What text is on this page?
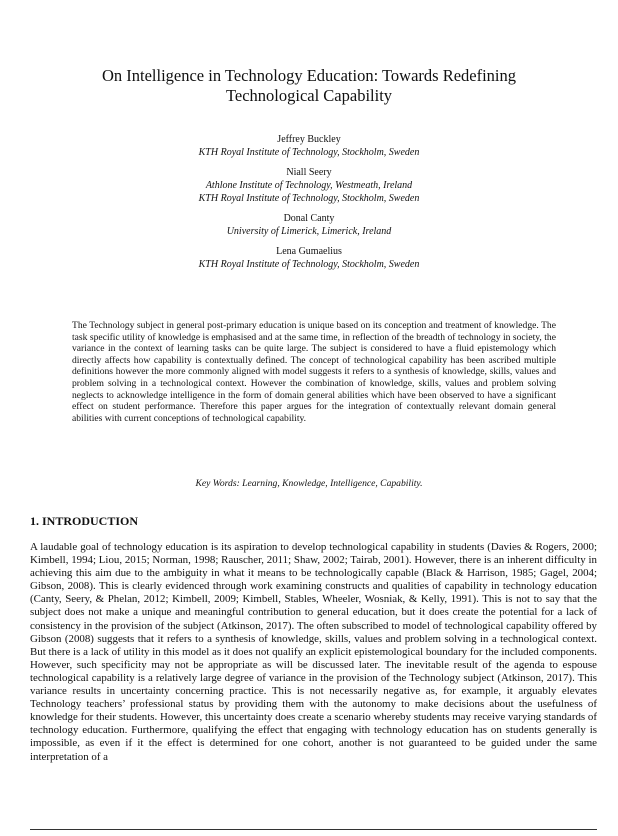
On Intelligence in Technology Education: Towards Redefining
Technological Capability
Jeffrey Buckley
KTH Royal Institute of Technology, Stockholm, Sweden
Niall Seery
Athlone Institute of Technology, Westmeath, Ireland
KTH Royal Institute of Technology, Stockholm, Sweden
Donal Canty
University of Limerick, Limerick, Ireland
Lena Gumaelius
KTH Royal Institute of Technology, Stockholm, Sweden

The Technology subject in general post-primary education is unique based on its conception and treatment of knowledge. The task specific utility of knowledge is emphasised and at the same time, in reflection of the breadth of technology in society, the variance in the context of learning tasks can be quite large. The subject is considered to have a fluid epistemology which directly affects how capability is contextually defined. The concept of technological capability has been ascribed multiple definitions however the more commonly aligned with model suggests it refers to a synthesis of knowledge, skills, values and problem solving in a technological context. However the combination of knowledge, skills, values and problem solving neglects to acknowledge intelligence in the form of domain general abilities which have been observed to have a significant effect on student performance. Therefore this paper argues for the integration of contextually relevant domain general abilities with current conceptions of technological capability.

Key Words: Learning, Knowledge, Intelligence, Capability.

1. INTRODUCTION

A laudable goal of technology education is its aspiration to develop technological capability in students (Davies & Rogers, 2000; Kimbell, 1994; Liou, 2015; Norman, 1998; Rauscher, 2011; Shaw, 2002; Tairab, 2001). However, there is an inherent difficulty in achieving this aim due to the ambiguity in what it means to be technologically capable (Black & Harrison, 1985; Gagel, 2004; Gibson, 2008). This is clearly evidenced through work examining constructs and qualities of capability in technology education (Canty, Seery, & Phelan, 2012; Kimbell, 2009; Kimbell, Stables, Wheeler, Wosniak, & Kelly, 1991). This is not to say that the subject does not make a unique and meaningful contribution to general education, but it does create the potential for a lack of consistency in the provision of the subject (Atkinson, 2017). The often subscribed to model of technological capability offered by Gibson (2008) suggests that it refers to a synthesis of knowledge, skills, values and problem solving in a technological context. But there is a lack of utility in this model as it does not qualify an explicit epistemological boundary for the included components. However, such specificity may not be appropriate as will be discussed later. The inevitable result of the agenda to espouse technological capability is a relatively large degree of variance in the provision of the Technology subject (Atkinson, 2017). This variance results in uncertainty concerning practice. This is not necessarily negative as, for example, it arguably elevates Technology teachers’ professional status by providing them with the autonomy to make decisions about the usefulness of knowledge for their students. However, this uncertainty does create a scenario whereby students may receive varying standards of technology education. Furthermore, qualifying the effect that engaging with technology education has on students generally is impossible, as even if it the effect is determined for one cohort, another is not guaranteed to be guided under the same interpretation of a
